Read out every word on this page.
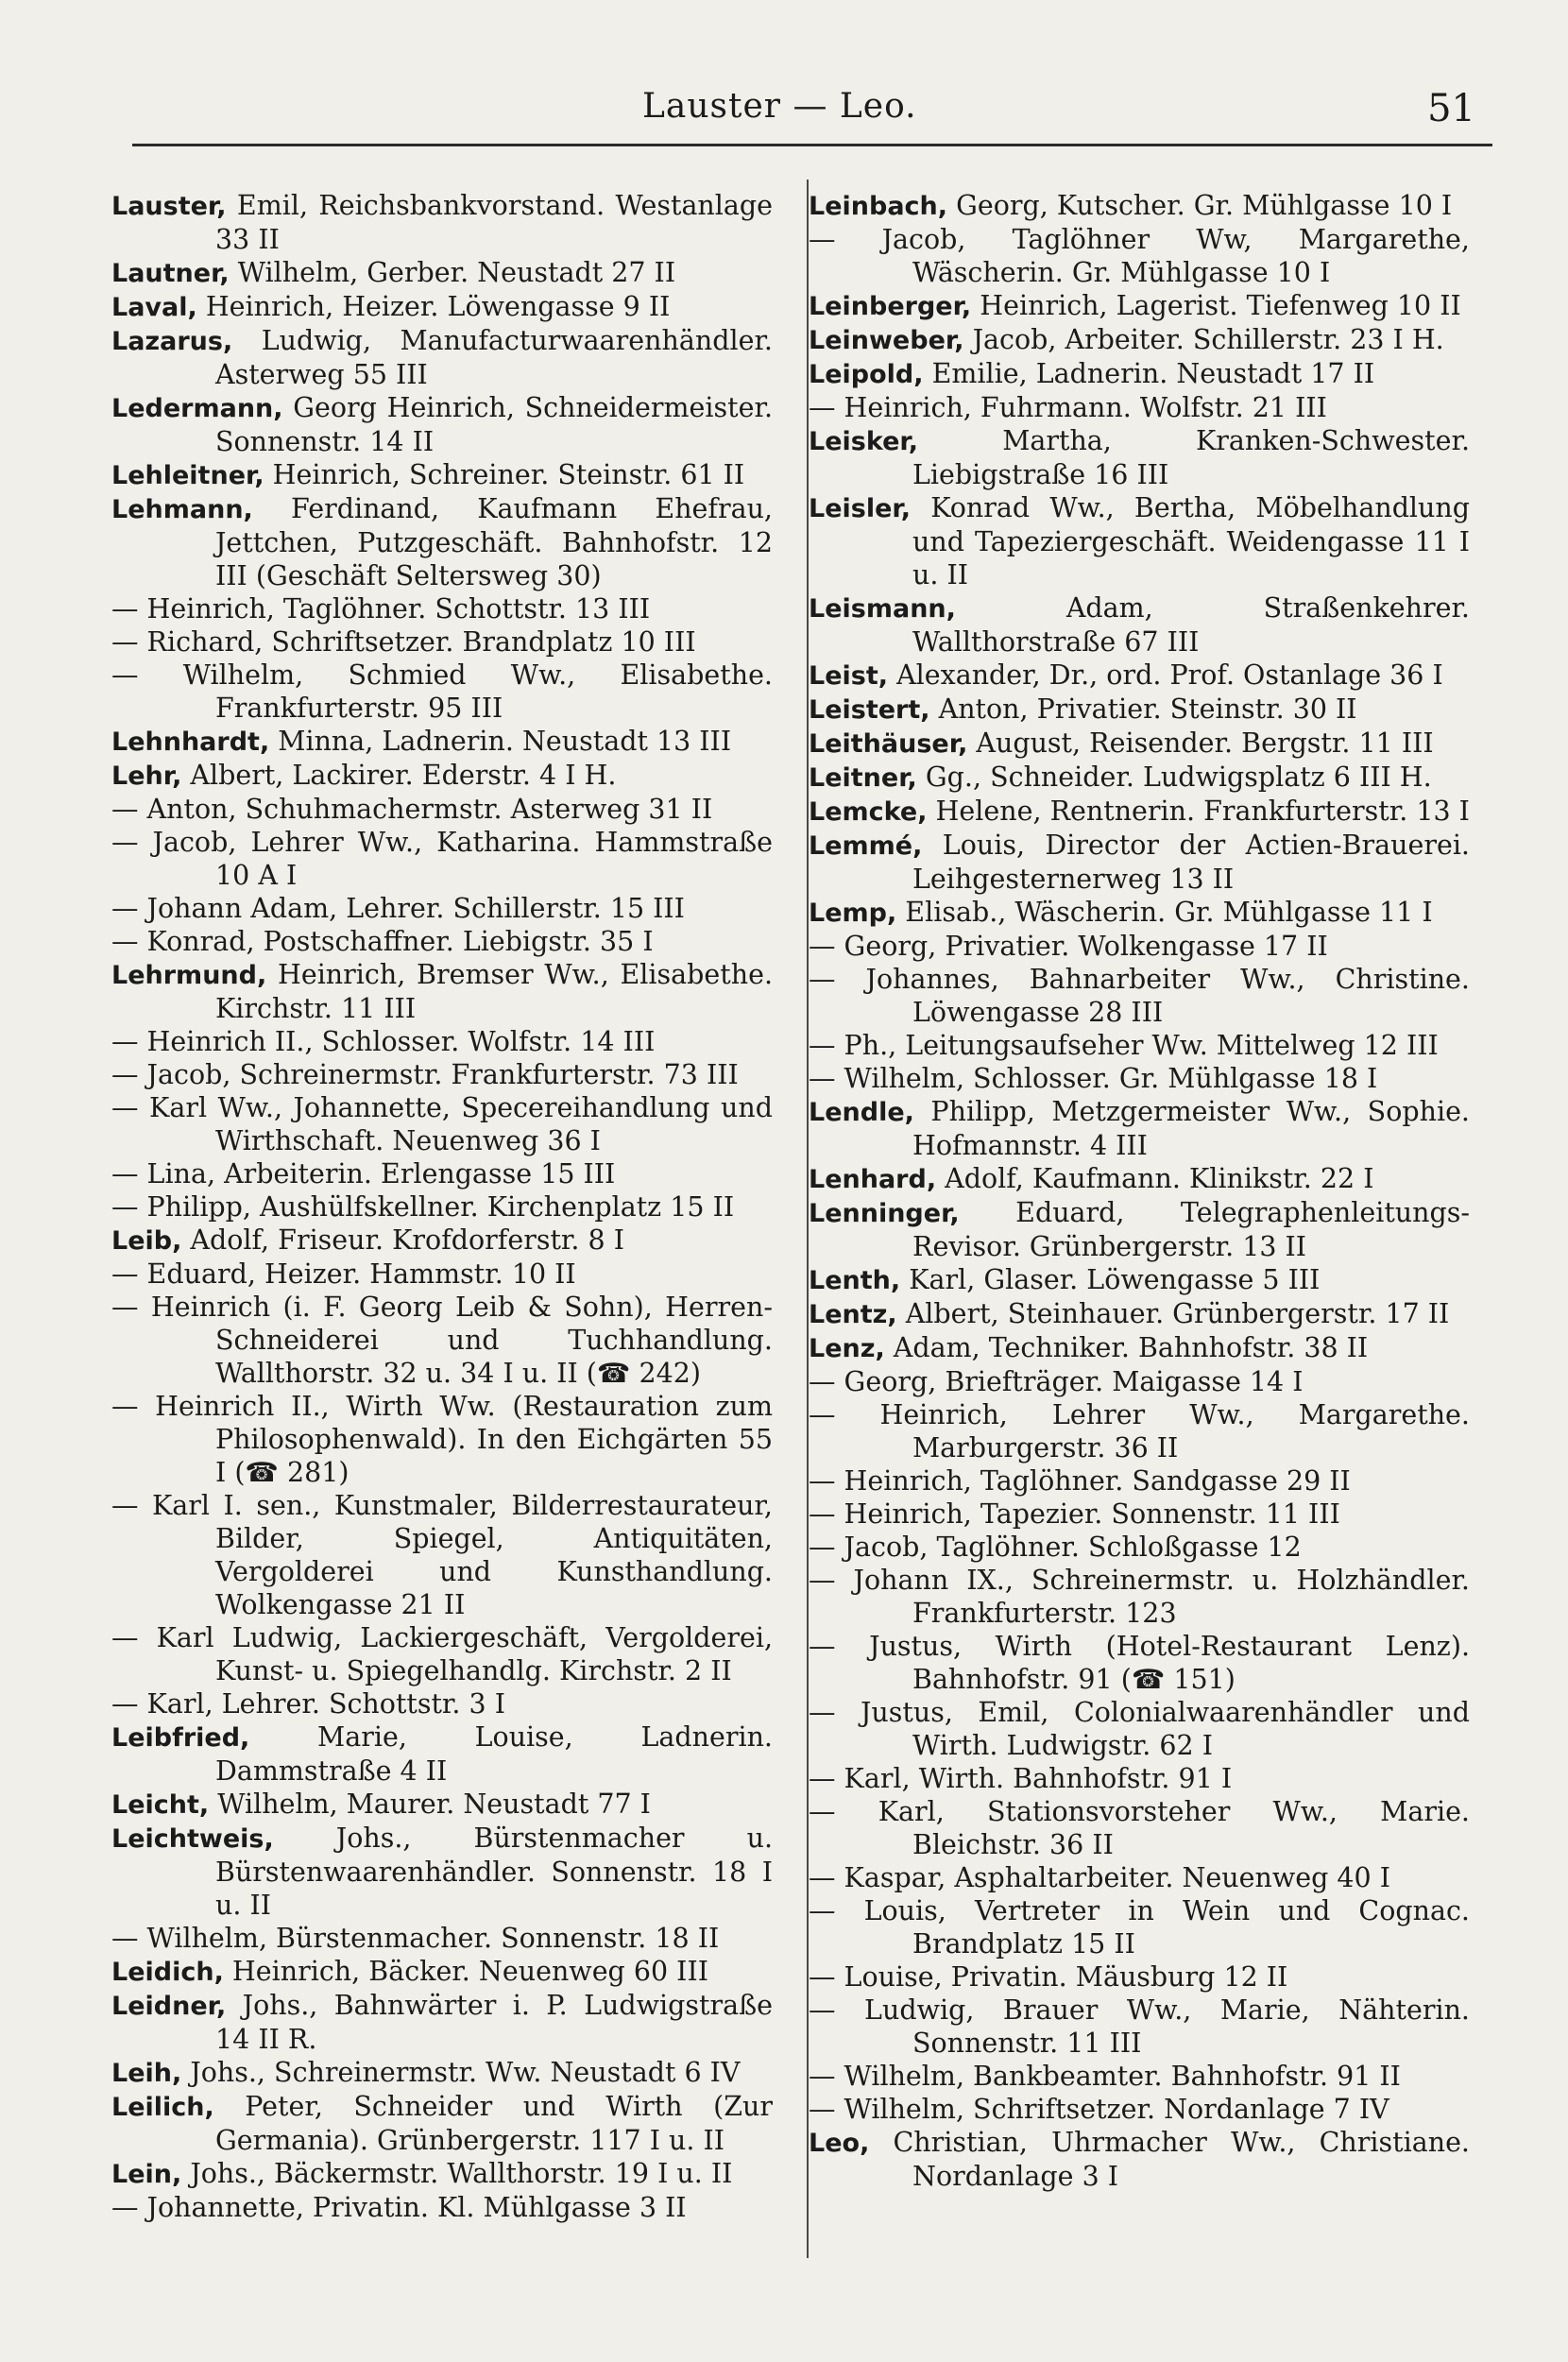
Lauster — Leo.	51
Lauster, Emil, Reichsbankvorstand. Westanlage 33 II
Lautner, Wilhelm, Gerber. Neustadt 27 II
Laval, Heinrich, Heizer. Löwengasse 9 II
Lazarus, Ludwig, Manufacturwaarenhändler. Asterweg 55 III
Ledermann, Georg Heinrich, Schneidermeister. Sonnenstr. 14 II
Lehleitner, Heinrich, Schreiner. Steinstr. 61 II
Lehmann, Ferdinand, Kaufmann Ehefrau, Jettchen, Putzgeschäft. Bahnhofstr. 12 III (Geschäft Seltersweg 30)
— Heinrich, Taglöhner. Schottstr. 13 III
— Richard, Schriftsetzer. Brandplatz 10 III
— Wilhelm, Schmied Ww., Elisabethe. Frankfurterstr. 95 III
Lehnhardt, Minna, Ladnerin. Neustadt 13 III
Lehr, Albert, Lackirer. Ederstr. 4 I H.
— Anton, Schuhmachermstr. Asterweg 31 II
— Jacob, Lehrer Ww., Katharina. Hammstraße 10 A I
— Johann Adam, Lehrer. Schillerstr. 15 III
— Konrad, Postschaffner. Liebigstr. 35 I
Lehrmund, Heinrich, Bremser Ww., Elisabethe. Kirchstr. 11 III
— Heinrich II., Schlosser. Wolfstr. 14 III
— Jacob, Schreinermstr. Frankfurterstr. 73 III
— Karl Ww., Johannette, Specereihandlung und Wirthschaft. Neuenweg 36 I
— Lina, Arbeiterin. Erlengasse 15 III
— Philipp, Aushülfskellner. Kirchenplatz 15 II
Leib, Adolf, Friseur. Krofdorferstr. 8 I
— Eduard, Heizer. Hammstr. 10 II
— Heinrich (i. F. Georg Leib & Sohn), Herren-Schneiderei und Tuchhandlung. Wallthorstr. 32 u. 34 I u. II (☎ 242)
— Heinrich II., Wirth Ww. (Restauration zum Philosophenwald). In den Eichgärten 55 I (☎ 281)
— Karl I. sen., Kunstmaler, Bilderrestaurateur, Bilder, Spiegel, Antiquitäten, Vergolderei und Kunsthandlung. Wolkengasse 21 II
— Karl Ludwig, Lackiergeschäft, Vergolderei, Kunst- u. Spiegelhandlg. Kirchstr. 2 II
— Karl, Lehrer. Schottstr. 3 I
Leibfried,	Marie, Louise, Ladnerin. Dammstraße 4 II
Leicht, Wilhelm, Maurer. Neustadt 77 I
Leichtweis, Johs., Bürstenmacher u. Bürstenwaarenhändler. Sonnenstr. 18 I u. II
— Wilhelm, Bürstenmacher. Sonnenstr. 18 II
Leidich, Heinrich, Bäcker. Neuenweg 60 III
Leidner, Johs., Bahnwärter i. P. Ludwigstraße 14 II R.
Leih, Johs., Schreinermstr. Ww. Neustadt 6 IV
Leilich, Peter, Schneider und Wirth (Zur Germania). Grünbergerstr. 117 I u. II
Lein, Johs., Bäckermstr. Wallthorstr. 19 I u. II
— Johannette, Privatin. Kl. Mühlgasse 3 II
Leinbach, Georg, Kutscher. Gr. Mühlgasse 10 I
— Jacob, Taglöhner Ww, Margarethe, Wäscherin. Gr. Mühlgasse 10 I
Leinberger, Heinrich, Lagerist. Tiefenweg 10 II
Leinweber, Jacob, Arbeiter. Schillerstr. 23 I H.
Leipold, Emilie, Ladnerin. Neustadt 17 II
— Heinrich, Fuhrmann. Wolfstr. 21 III
Leisker,	Martha, Kranken-Schwester. Liebigstraße 16 III
Leisler, Konrad Ww., Bertha, Möbelhandlung und Tapeziergeschäft. Weidengasse 11 I u. II
Leismann,	Adam, Straßenkehrer. Wallthorstraße 67 III
Leist, Alexander, Dr., ord. Prof. Ostanlage 36 I
Leistert, Anton, Privatier. Steinstr. 30 II
Leithäuser, August, Reisender. Bergstr. 11 III
Leitner, Gg., Schneider. Ludwigsplatz 6 III H.
Lemcke, Helene, Rentnerin. Frankfurterstr. 13 I
Lemmé, Louis, Director der Actien-Brauerei. Leihgesternerweg 13 II
Lemp, Elisab., Wäscherin. Gr. Mühlgasse 11 I
— Georg, Privatier. Wolkengasse 17 II
— Johannes, Bahnarbeiter Ww., Christine. Löwengasse 28 III
— Ph., Leitungsaufseher Ww. Mittelweg 12 III
— Wilhelm, Schlosser. Gr. Mühlgasse 18 I
Lendle, Philipp, Metzgermeister Ww., Sophie. Hofmannstr. 4 III
Lenhard, Adolf, Kaufmann. Klinikstr. 22 I
Lenninger, Eduard, Telegraphenleitungs-Revisor. Grünbergerstr. 13 II
Lenth, Karl, Glaser. Löwengasse 5 III
Lentz, Albert, Steinhauer. Grünbergerstr. 17 II
Lenz, Adam, Techniker. Bahnhofstr. 38 II
— Georg, Briefträger. Maigasse 14 I
— Heinrich, Lehrer Ww., Margarethe. Marburgerstr. 36 II
— Heinrich, Taglöhner. Sandgasse 29 II
— Heinrich, Tapezier. Sonnenstr. 11 III
— Jacob, Taglöhner. Schloßgasse 12
— Johann IX., Schreinermstr. u. Holzhändler. Frankfurterstr. 123
— Justus, Wirth (Hotel-Restaurant Lenz). Bahnhofstr. 91 (☎ 151)
— Justus, Emil, Colonialwaarenhändler und Wirth. Ludwigstr. 62 I
— Karl, Wirth. Bahnhofstr. 91 I
— Karl, Stationsvorsteher Ww., Marie. Bleichstr. 36 II
— Kaspar, Asphaltarbeiter. Neuenweg 40 I
— Louis, Vertreter in Wein und Cognac. Brandplatz 15 II
— Louise, Privatin. Mäusburg 12 II
— Ludwig, Brauer Ww., Marie, Nähterin. Sonnenstr. 11 III
— Wilhelm, Bankbeamter. Bahnhofstr. 91 II
— Wilhelm, Schriftsetzer. Nordanlage 7 IV
Leo, Christian, Uhrmacher Ww., Christiane. Nordanlage 3 I
